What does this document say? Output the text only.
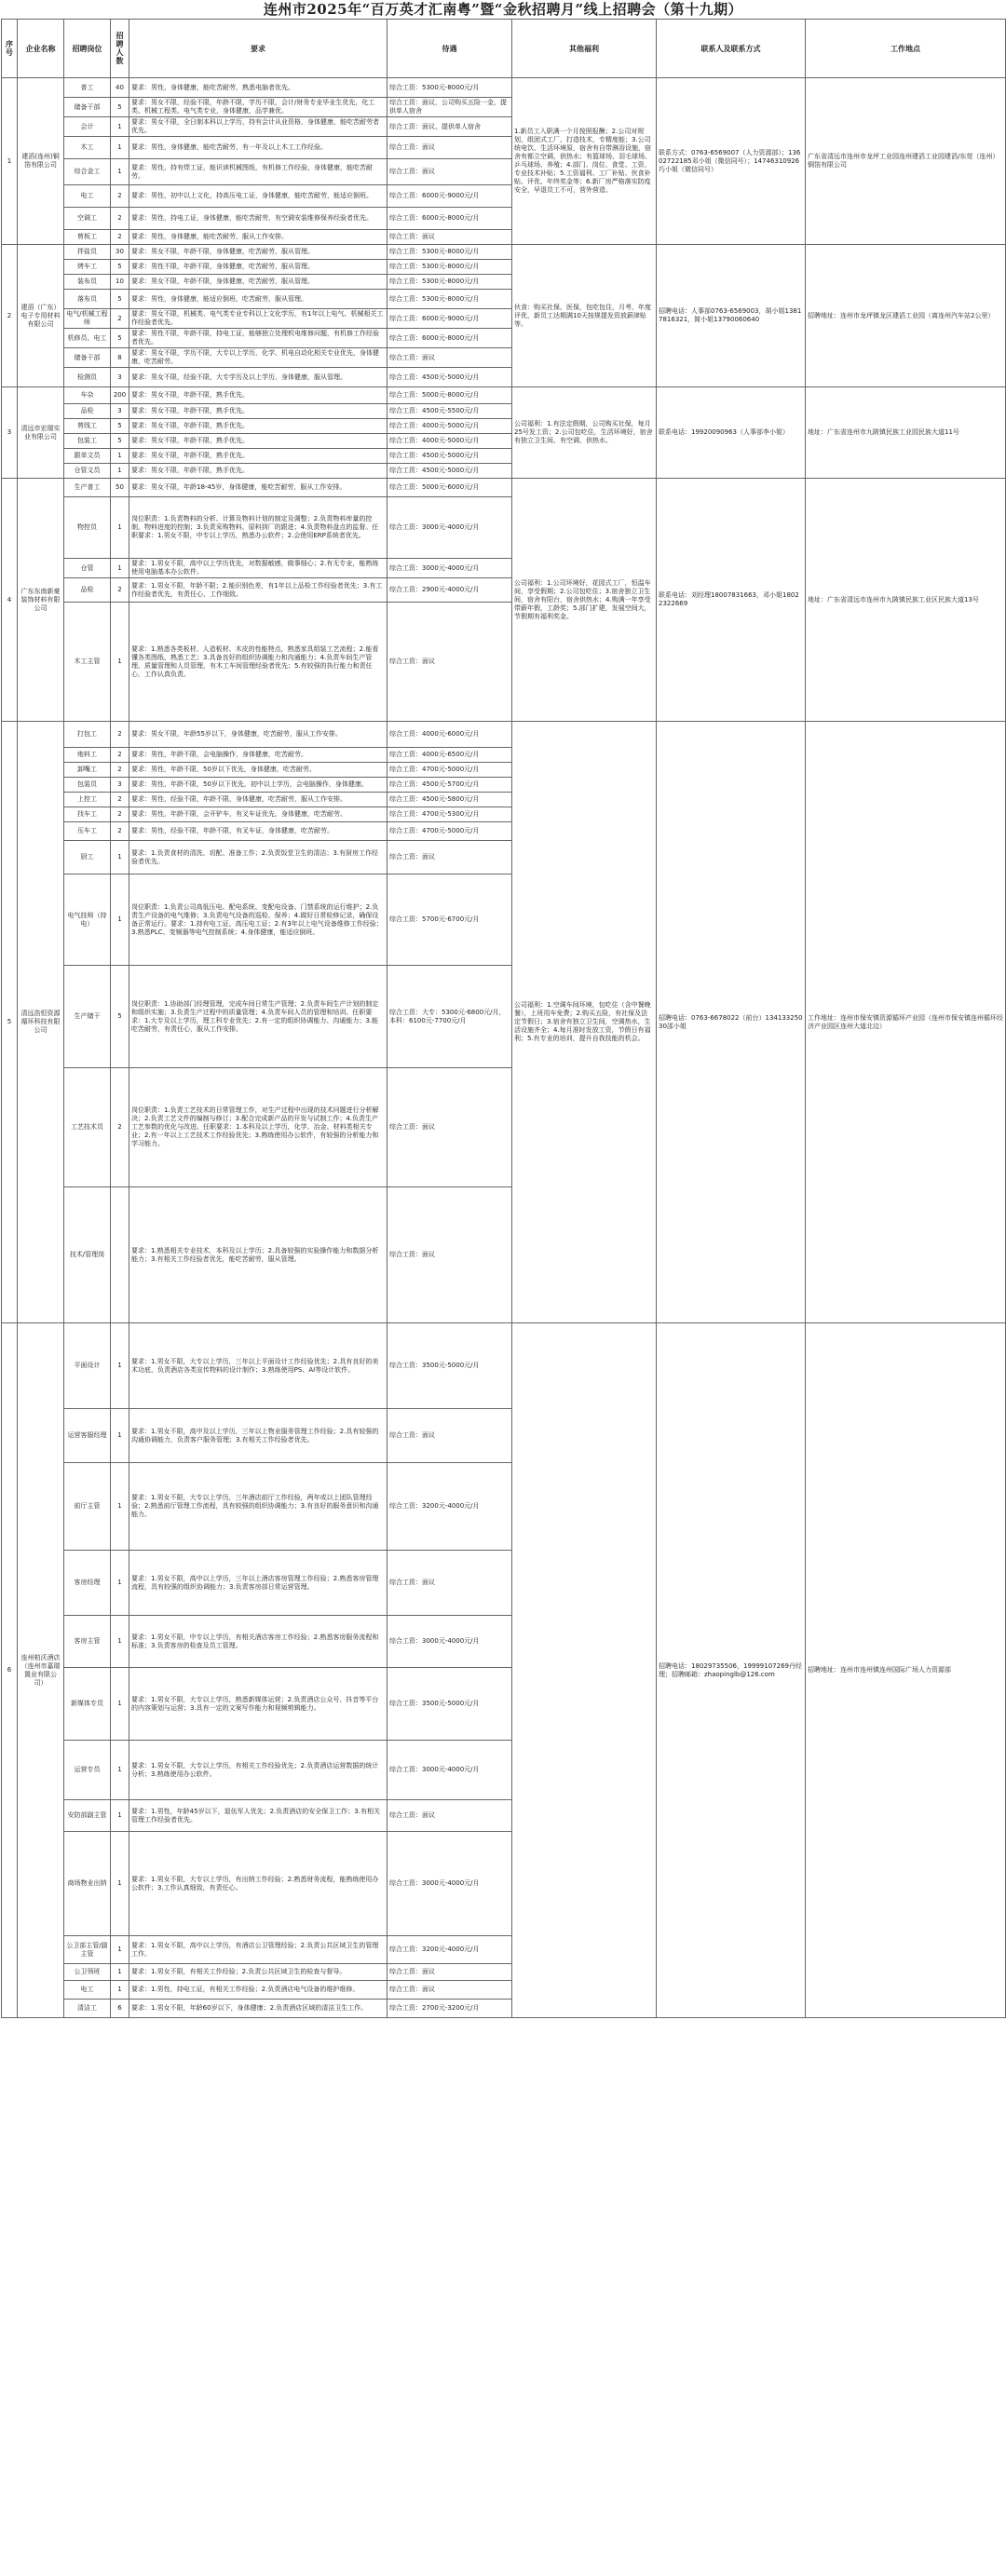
连州市2025年“百万英才汇南粤”暨“金秋招聘月”线上招聘会（第十九期）
序号	企业名称	招聘岗位	招聘人数	要求	待遇	其他福利	联系人及联系方式	工作地点
1	建滔(连州)铜箔有限公司	普工	40	要求：男性，身体健康，能吃苦耐劳，熟悉电脑者优先。	综合工资：5300元-8000元/月	1.新员工入职满一个月按照报酬；2.公司对规划，组团式工厂，打造技术，专精度能；3.公司统电饮、生活环境原，宿舍有自带淋浴设施，宿舍有都立空调，供热水；有篮球场、羽毛球场、乒乓球场、养殖；4.部门、岗位、食堂、工资、专业技术补贴；5.工资福利、工厂补贴、伙食补贴、评优、年终奖金等；6.新厂房严格落实防疫安全，早退员工不可，营外营造。	联系方式：0763-6569007（人力资源部）；13602722185邓小姐（微信同号）；14746310926巧小姐（微信同号）	广东省清远市连州市龙坪工业园连州建滔工业园建滔/东莞（连州）铜箔有限公司
		储备干部	5	要求：男女不限，经验不限，年龄不限，学历不限，会计/财务专业毕业生优先，化工类、机械工程类、电气类专业，身体健康，品学兼优。	综合工资：面议，公司购买五险一金，提供单人宿舍			
		会计	1	要求：男女不限，全日制本科以上学历，持有会计从业资格，身体健康，能吃苦耐劳者优先。	综合工资：面议，提供单人宿舍			
		木工	1	要求：男性，身体健康，能吃苦耐劳，有一年及以上木工工作经验。	综合工资：面议			
		综合金工	1	要求：男性，持有焊工证，能识读机械图纸，有机修工作经验，身体健康，能吃苦耐劳。	综合工资：面议			
		电工	2	要求：男性，初中以上文化，持高压电工证，身体健康，能吃苦耐劳，能适应倒班。	综合工资：6000元-9000元/月			
		空调工	2	要求：男性，持电工证，身体健康，能吃苦耐劳，有空调安装维修保养经验者优先。	综合工资：6000元-8000元/月			
		剪板工	2	要求：男性，身体健康，能吃苦耐劳，服从工作安排。	综合工资：面议			
2	建滔（广东）电子专用材料有限公司	拌盐员	30	要求：男女不限，年龄不限，身体健康，吃苦耐劳，服从管理。	综合工资：5300元-8000元/月	伙食：购买社保、医保，包吃包住，月考，年度评优，新员工达期满10天按规提发资放薪津贴等。	招聘电话：人事部0763-6569003，胡小姐13817816321，简小姐13790060640	招聘地址：连州市龙坪镇龙区建滔工业园（离连州汽车站2公里）
		烤车工	5	要求：男性不限，年龄不限，身体健康，吃苦耐劳，服从管理。	综合工资：5300元-8000元/月			
		装布员	10	要求：男女不限，年龄不限，身体健康，吃苦耐劳，服从管理。	综合工资：5300元-8000元/月			
		落布员	5	要求：男性，身体健康，能适应倒班，吃苦耐劳，服从管理。	综合工资：5300元-8000元/月			
		电气/机械工程师	2	要求：男女不限，机械类、电气类专业专科以上文化学历，有1年以上电气、机械相关工作经验者优先。	综合工资：6000元-9000元/月			
		机修员、电工	5	要求：男性不限，年龄不限，持电工证，能够独立处理机电维修问题，有机修工作经验者优先。	综合工资：6000元-8000元/月			
		储备干部	8	要求：男女不限，学历不限，大专以上学历，化学、机电自动化相关专业优先，身体健康，吃苦耐劳。	综合工资：面议			
		检测员	3	要求：男女不限，经验不限，大专学历及以上学历，身体健康，服从管理。	综合工资：4500元-5000元/月			
3	清远市宏瑞实业有限公司	车杂	200	要求：男女不限，年龄不限，熟手优先。	综合工资：5000元-8000元/月	公司福利：1.有法定假期，公司购买社保，每月25号发工资；2.公司包吃住，生活环境好，宿舍有独立卫生间、有空调、供热水。	联系电话：19920090963（人事部李小姐）	地址：广东省连州市九陂镇民族工业园民族大道11号
		品检	3	要求：男女不限，年龄不限，熟手优先。	综合工资：4500元-5500元/月			
		剪线工	5	要求：男女不限，年龄不限，熟手优先。	综合工资：4000元-5000元/月			
		包装工	5	要求：男女不限，年龄不限，熟手优先。	综合工资：4000元-5000元/月			
		跟单文员	1	要求：男女不限，年龄不限，熟手优先。	综合工资：4500元-5000元/月			
		仓管文员	1	要求：男女不限，年龄不限，熟手优先。	综合工资：4500元-5000元/月			
4	广东东南新豪装饰材料有限公司	生产普工	50	要求：男女不限，年龄18-45岁，身体健康，能吃苦耐劳，服从工作安排。	综合工资：5000元-6000元/月	公司福利：1.公司环境好，花园式工厂，恒温车间，享受假期；2.公司包吃住；3.宿舍独立卫生间，宿舍有阳台，宿舍供热水；4.购满一年享受带薪年假，工龄奖；5.部门扩建，发展空间大，节假期有福利奖金。	联系电话：刘经理18007831663，邓小姐18022322669	地址：广东省清远市连州市九陂镇民族工业区民族大道13号
		物控员	1	岗位职责：1.负责物料的分析、计算及物料计划的制定及调整；2.负责物料库量的控制，物料进度的控制；3.负责采购物料、原料到厂的跟进；4.负责物料盘点的监督。任职要求：1.男女不限，中专以上学历，熟悉办公软件；2.会使用ERP系统者优先。	综合工资：3000元-4000元/月			
		仓管	1	要求：1.男女不限，高中以上学历优先，对数据敏感，做事细心；2.有无专业，能熟练使用电脑基本办公软件。	综合工资：3000元-4000元/月			
		品检	2	要求：1.男女不限，年龄不限；2.能识别色差，有1年以上品检工作经验者优先；3.有工作经验者优先，有责任心，工作细致。	综合工资：2900元-4000元/月			
		木工主管	1	要求：1.熟悉各类板材、人造板材、木皮的性能特点，熟悉家具组装工艺流程；2.能看懂各类图纸，熟悉工艺；3.具备良好的组织协调能力和沟通能力；4.负责车间生产管理、质量管理和人员管理，有木工车间管理经验者优先；5.有较强的执行能力和责任心，工作认真负责。	综合工资：面议			
5	清远浩恒资源循环科技有限公司	打包工	2	要求：男女不限，年龄55岁以下，身体健康，吃苦耐劳，服从工作安排。	综合工资：4000元-6000元/月	公司福利：1.空调车间环境，包吃住（含中餐晚餐），上班用车免费；2.购买五险，有社保及法定节假日；3.宿舍有独立卫生间，空调热水，生活设施齐全；4.每月准时发放工资，节假日有福利；5.有专业的培训，提升自我技能的机会。	招聘电话：0763-6678022（前台）13413325030邵小姐	工作地址：连州市保安镇资源循环产业园（连州市保安镇连州循环经济产业园区连州大道北边）
		炮料工	2	要求：男性，年龄不限，会电脑操作，身体健康，吃苦耐劳。	综合工资：4000元-6500元/月			
		卸嘴工	2	要求：男性，年龄不限，50岁以下优先，身体健康，吃苦耐劳。	综合工资：4700元-5000元/月			
		包装员	3	要求：男性，年龄不限，50岁以下优先，初中以上学历，会电脑操作，身体健康。	综合工资：4500元-5700元/月			
		上控工	2	要求：男性，经验不限，年龄不限，身体健康，吃苦耐劳，服从工作安排。	综合工资：4500元-5800元/月			
		找车工	2	要求：男性，年龄不限，会开铲车，有叉车证优先，身体健康，吃苦耐劳。	综合工资：4700元-5300元/月			
		压车工	2	要求：男性，经验不限，年龄不限，有叉车证，身体健康，吃苦耐劳。	综合工资：4700元-5000元/月			
		厨工	1	要求：1.负责食材的清洗、切配、准备工作；2.负责饭堂卫生的清洁；3.有厨房工作经验者优先。	综合工资：面议			
		电气技师（持电）	1	岗位职责：1.负责公司高低压电、配电系统、变配电设备、门禁系统的运行维护；2.负责生产设备的电气维修；3.负责电气设备的巡检、保养；4.做好日常检修记录，确保设备正常运行。要求：1.持有电工证、高压电工证；2.有3年以上电气设备维修工作经验；3.熟悉PLC、变频器等电气控制系统；4.身体健康，能适应倒班。	综合工资：5700元-6700元/月			
		生产储干	5	岗位职责：1.协助部门经理管理，完成车间日常生产管理；2.负责车间生产计划的制定和组织实施；3.负责生产过程中的质量管理；4.负责车间人员的管理和培训。任职要求：1.大专及以上学历，理工科专业优先；2.有一定的组织协调能力、沟通能力；3.能吃苦耐劳，有责任心，服从工作安排。	综合工资：大专：5300元-6800元/月，本科：6100元-7700元/月			
		工艺技术员	2	岗位职责：1.负责工艺技术的日常管理工作，对生产过程中出现的技术问题进行分析解决；2.负责工艺文件的编制与修订；3.配合完成新产品的开发与试制工作；4.负责生产工艺参数的优化与改进。任职要求：1.本科及以上学历，化学、冶金、材料类相关专业；2.有一年以上工艺技术工作经验优先；3.熟练使用办公软件，有较强的分析能力和学习能力。	综合工资：面议			
		技术/管理岗		要求：1.熟悉相关专业技术，本科及以上学历；2.具备较强的实验操作能力和数据分析能力；3.有相关工作经验者优先，能吃苦耐劳，服从管理。	综合工资：面议			
6	连州柏沃酒店（连州市嘉瑞置业有限公司）	平面设计	1	要求：1.男女不限，大专以上学历，三年以上平面设计工作经验优先；2.具有良好的美术功底，负责酒店各类宣传物料的设计制作；3.熟练使用PS、AI等设计软件。	综合工资：3500元-5000元/月		招聘电话：18029735506，19999107269丹经理；招聘邮箱：zhaopinglb@126.com	招聘地址：连州市连州镇连州国际广场人力资源部
		运营客服经理	1	要求：1.男女不限，高中及以上学历，三年以上物业服务管理工作经验；2.具有较强的沟通协调能力，负责客户服务管理；3.有相关工作经验者优先。	综合工资：面议			
		前厅主管	1	要求：1.男女不限，大专以上学历，三年酒店前厅工作经验，两年或以上团队管理经验；2.熟悉前厅管理工作流程，具有较强的组织协调能力；3.有良好的服务意识和沟通能力。	综合工资：3200元-4000元/月			
		客房经理	1	要求：1.男女不限，高中以上学历，三年以上酒店客房管理工作经验；2.熟悉客房管理流程，具有较强的组织协调能力；3.负责客房部日常运营管理。	综合工资：面议			
		客房主管	1	要求：1.男女不限，中专以上学历，有相关酒店客房工作经验；2.熟悉客房服务流程和标准；3.负责客房的检查及员工管理。	综合工资：3000元-4000元/月			
		新媒体专员	1	要求：1.男女不限，大专以上学历，熟悉新媒体运营；2.负责酒店公众号、抖音等平台的内容策划与运营；3.具有一定的文案写作能力和视频剪辑能力。	综合工资：3500元-5000元/月			
		运营专员	1	要求：1.男女不限，大专以上学历，有相关工作经验优先；2.负责酒店运营数据的统计分析；3.熟练使用办公软件。	综合工资：3000元-4000元/月			
		安防部副主管	1	要求：1.男性，年龄45岁以下，退伍军人优先；2.负责酒店的安全保卫工作；3.有相关管理工作经验者优先。	综合工资：面议			
		商场物业出纳	1	要求：1.男女不限，大专以上学历，有出纳工作经验；2.熟悉财务流程，能熟练使用办公软件；3.工作认真细致，有责任心。	综合工资：3000元-4000元/月			
		公卫部主管/副主管	1	要求：1.男女不限，高中以上学历，有酒店公卫管理经验；2.负责公共区域卫生的管理工作。	综合工资：3200元-4000元/月			
		公卫领班	1	要求：1.男女不限，有相关工作经验；2.负责公共区域卫生的检查与督导。	综合工资：面议			
		电工	1	要求：1.男性，持电工证，有相关工作经验；2.负责酒店电气设备的维护维修。	综合工资：面议			
		清洁工	6	要求：1.男女不限，年龄60岁以下，身体健康；2.负责酒店区域的清洁卫生工作。	综合工资：2700元-3200元/月			
